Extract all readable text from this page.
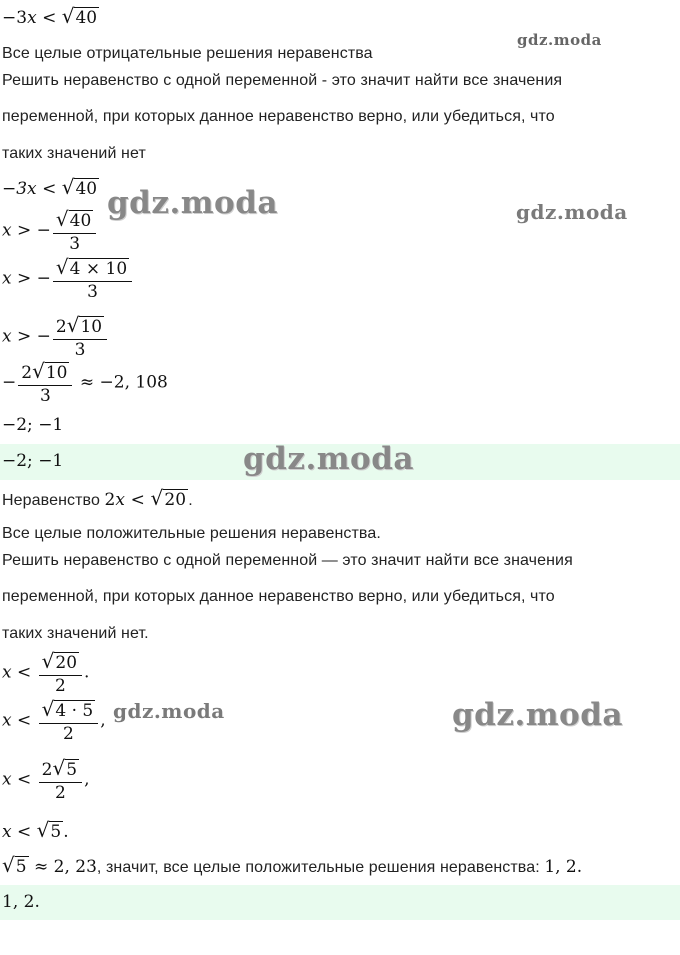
gdz.moda
gdz.moda	gdz.moda
gdz.moda
gdz.moda	gdz.moda
−3x < √40
Все целые отрицательные решения неравенства
Решить неравенство с одной переменной - это значит найти все значения
переменной, при которых данное неравенство верно, или убедиться, что
таких значений нет
−3x < √40
x > − $\frac{√40}{3}$
x > − $\frac{√4 \times 10}{3}$
x > − $\frac{2√10}{3}$
− $\frac{2√10}{3} \approx -2$, 108
−2; −1
−2; −1
Неравенство 2x < √20 .
Все целые положительные решения неравенства.
Решить неравенство с одной переменной — это значит найти все значения
переменной, при которых данное неравенство верно, или убедиться, что
таких значений нет.
$x < \frac{√20}{2}$ .
$x < \frac{√4 \cdot 5}{2}$ ,
$x < \frac{2√5}{2}$ ,
x < √5 .
√5 ≈ 2, 23, значит, все целые положительные решения неравенства: 1, 2.
1, 2.
